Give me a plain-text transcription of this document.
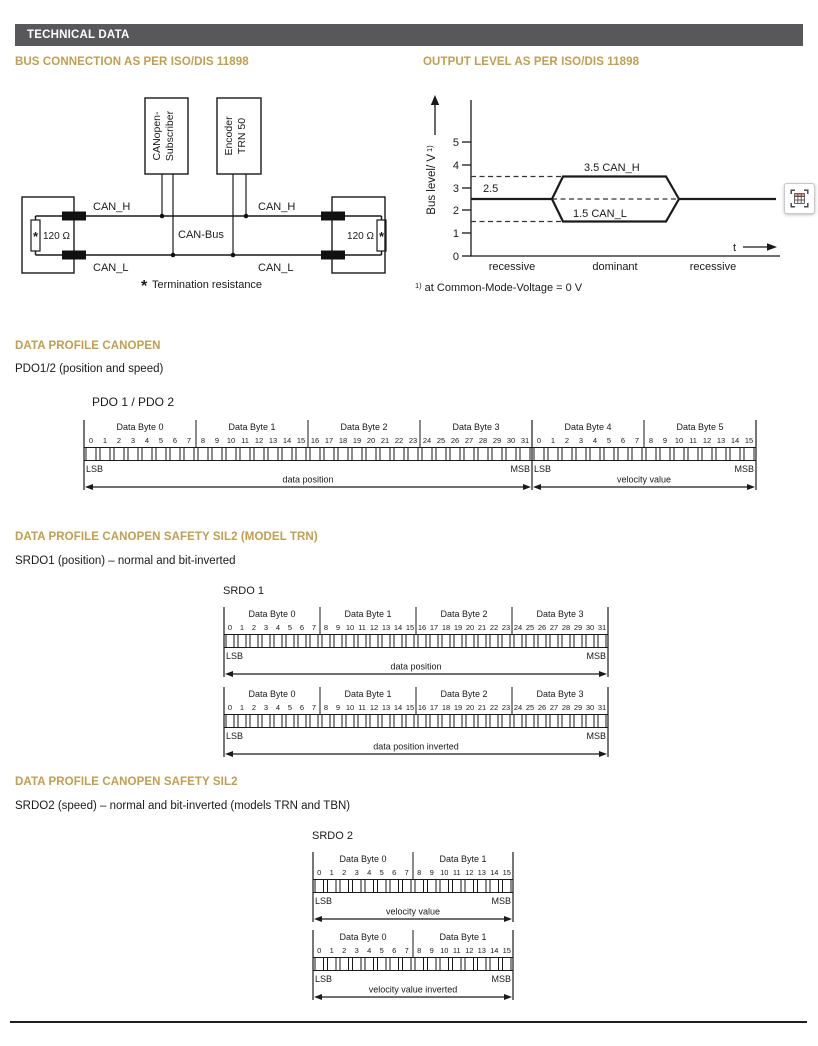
TECHNICAL DATA
BUS CONNECTION AS PER ISO/DIS 11898	OUTPUT LEVEL AS PER ISO/DIS 11898
CANopen- Subscriber	Encoder TRN 50
CAN_H	CAN_H
CAN_L	CAN_L
CAN-Bus
120 Ω	120 Ω
*	*
* Termination resistance
Bus level/ $V^{1)}$	5
4
3
2
1
0
2.5
3.5 CAN_H
1.5 CAN_L
t
recessive	dominant	recessive
$^{1)}$ at Common-Mode-Voltage = 0 V
DATA PROFILE CANOPEN
PDO1/2 (position and speed)
PDO 1 / PDO 2
Data Byte 0	Data Byte 1	Data Byte 2	Data Byte 3
0 1 2 3 4 5 6 7 8 9 10 11 12 13 14 15 16 17 18 19 20 21 22 23 24 25 26 27 28 29 30 31
LSB	MSB
data position
Data Byte 4	Data Byte 5
0 1 2 3 4 5 6 7 8 9 10 11 12 13 14 15
LSB	MSB
velocity value
DATA PROFILE CANOPEN SAFETY SIL2 (MODEL TRN)
SRDO1 (position) – normal and bit-inverted
SRDO 1
Data Byte 0	Data Byte 1	Data Byte 2	Data Byte 3
0 1 2 3 4 5 6 7 8 9 10 11 12 13 14 15 16 17 18 19 20 21 22 23 24 25 26 27 28 29 30 31
LSB	MSB
data position
Data Byte 0	Data Byte 1	Data Byte 2	Data Byte 3
0 1 2 3 4 5 6 7 8 9 10 11 12 13 14 15 16 17 18 19 20 21 22 23 24 25 26 27 28 29 30 31
LSB	MSB
data position inverted
DATA PROFILE CANOPEN SAFETY SIL2
SRDO2 (speed) – normal and bit-inverted (models TRN and TBN)
SRDO 2
Data Byte 0	Data Byte 1
0 1 2 3 4 5 6 7 8 9 10 11 12 13 14 15
LSB	MSB
velocity value
Data Byte 0	Data Byte 1
0 1 2 3 4 5 6 7 8 9 10 11 12 13 14 15
LSB	MSB
velocity value inverted
